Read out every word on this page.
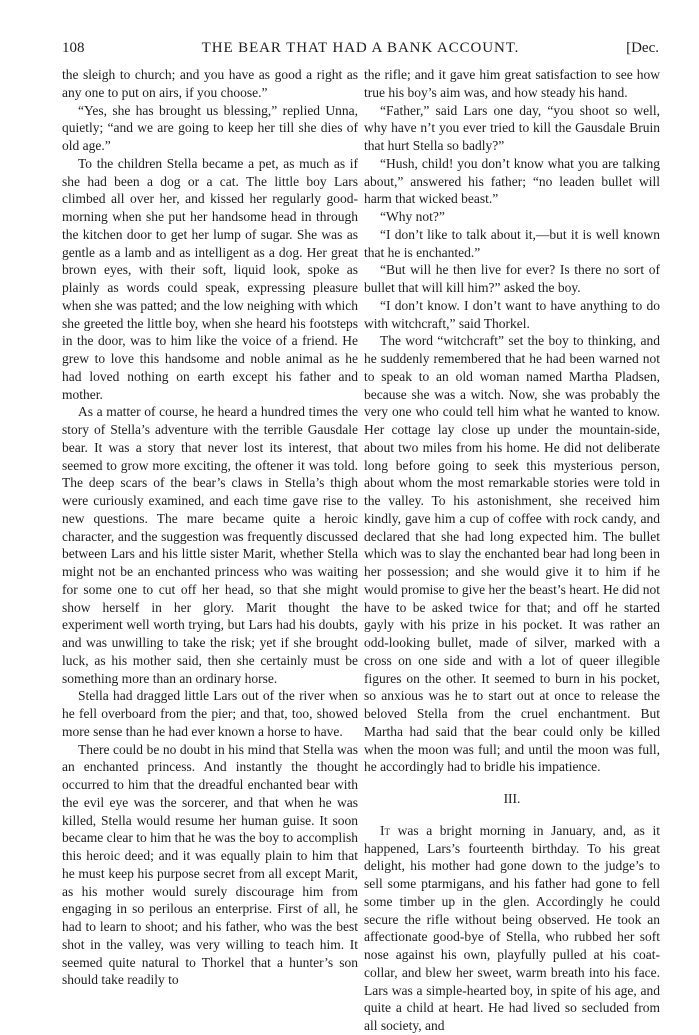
108	THE BEAR THAT HAD A BANK ACCOUNT.	[Dec.

the sleigh to church; and you have as good a right as any one to put on airs, if you choose.”

“Yes, she has brought us blessing,” replied Unna, quietly; “and we are going to keep her till she dies of old age.”

To the children Stella became a pet, as much as if she had been a dog or a cat. The little boy Lars climbed all over her, and kissed her regularly good-morning when she put her handsome head in through the kitchen door to get her lump of sugar. She was as gentle as a lamb and as intelligent as a dog. Her great brown eyes, with their soft, liquid look, spoke as plainly as words could speak, expressing pleasure when she was patted; and the low neighing with which she greeted the little boy, when she heard his footsteps in the door, was to him like the voice of a friend. He grew to love this handsome and noble animal as he had loved nothing on earth except his father and mother.

As a matter of course, he heard a hundred times the story of Stella’s adventure with the terrible Gausdale bear. It was a story that never lost its interest, that seemed to grow more exciting, the oftener it was told. The deep scars of the bear’s claws in Stella’s thigh were curiously examined, and each time gave rise to new questions. The mare became quite a heroic character, and the suggestion was frequently discussed between Lars and his little sister Marit, whether Stella might not be an enchanted princess who was waiting for some one to cut off her head, so that she might show herself in her glory. Marit thought the experiment well worth trying, but Lars had his doubts, and was unwilling to take the risk; yet if she brought luck, as his mother said, then she certainly must be something more than an ordinary horse.

Stella had dragged little Lars out of the river when he fell overboard from the pier; and that, too, showed more sense than he had ever known a horse to have.

There could be no doubt in his mind that Stella was an enchanted princess. And instantly the thought occurred to him that the dreadful enchanted bear with the evil eye was the sorcerer, and that when he was killed, Stella would resume her human guise. It soon became clear to him that he was the boy to accomplish this heroic deed; and it was equally plain to him that he must keep his purpose secret from all except Marit, as his mother would surely discourage him from engaging in so perilous an enterprise. First of all, he had to learn to shoot; and his father, who was the best shot in the valley, was very willing to teach him. It seemed quite natural to Thorkel that a hunter’s son should take readily to

the rifle; and it gave him great satisfaction to see how true his boy’s aim was, and how steady his hand.

“Father,” said Lars one day, “you shoot so well, why have n’t you ever tried to kill the Gausdale Bruin that hurt Stella so badly?”

“Hush, child! you don’t know what you are talking about,” answered his father; “no leaden bullet will harm that wicked beast.”

“Why not?”

“I don’t like to talk about it,—but it is well known that he is enchanted.”

“But will he then live for ever? Is there no sort of bullet that will kill him?” asked the boy.

“I don’t know. I don’t want to have anything to do with witchcraft,” said Thorkel.

The word “witchcraft” set the boy to thinking, and he suddenly remembered that he had been warned not to speak to an old woman named Martha Pladsen, because she was a witch. Now, she was probably the very one who could tell him what he wanted to know. Her cottage lay close up under the mountain-side, about two miles from his home. He did not deliberate long before going to seek this mysterious person, about whom the most remarkable stories were told in the valley. To his astonishment, she received him kindly, gave him a cup of coffee with rock candy, and declared that she had long expected him. The bullet which was to slay the enchanted bear had long been in her possession; and she would give it to him if he would promise to give her the beast’s heart. He did not have to be asked twice for that; and off he started gayly with his prize in his pocket. It was rather an odd-looking bullet, made of silver, marked with a cross on one side and with a lot of queer illegible figures on the other. It seemed to burn in his pocket, so anxious was he to start out at once to release the beloved Stella from the cruel enchantment. But Martha had said that the bear could only be killed when the moon was full; and until the moon was full, he accordingly had to bridle his impatience.

III.

It was a bright morning in January, and, as it happened, Lars’s fourteenth birthday. To his great delight, his mother had gone down to the judge’s to sell some ptarmigans, and his father had gone to fell some timber up in the glen. Accordingly he could secure the rifle without being observed. He took an affectionate good-bye of Stella, who rubbed her soft nose against his own, playfully pulled at his coat-collar, and blew her sweet, warm breath into his face. Lars was a simple-hearted boy, in spite of his age, and quite a child at heart. He had lived so secluded from all society, and
